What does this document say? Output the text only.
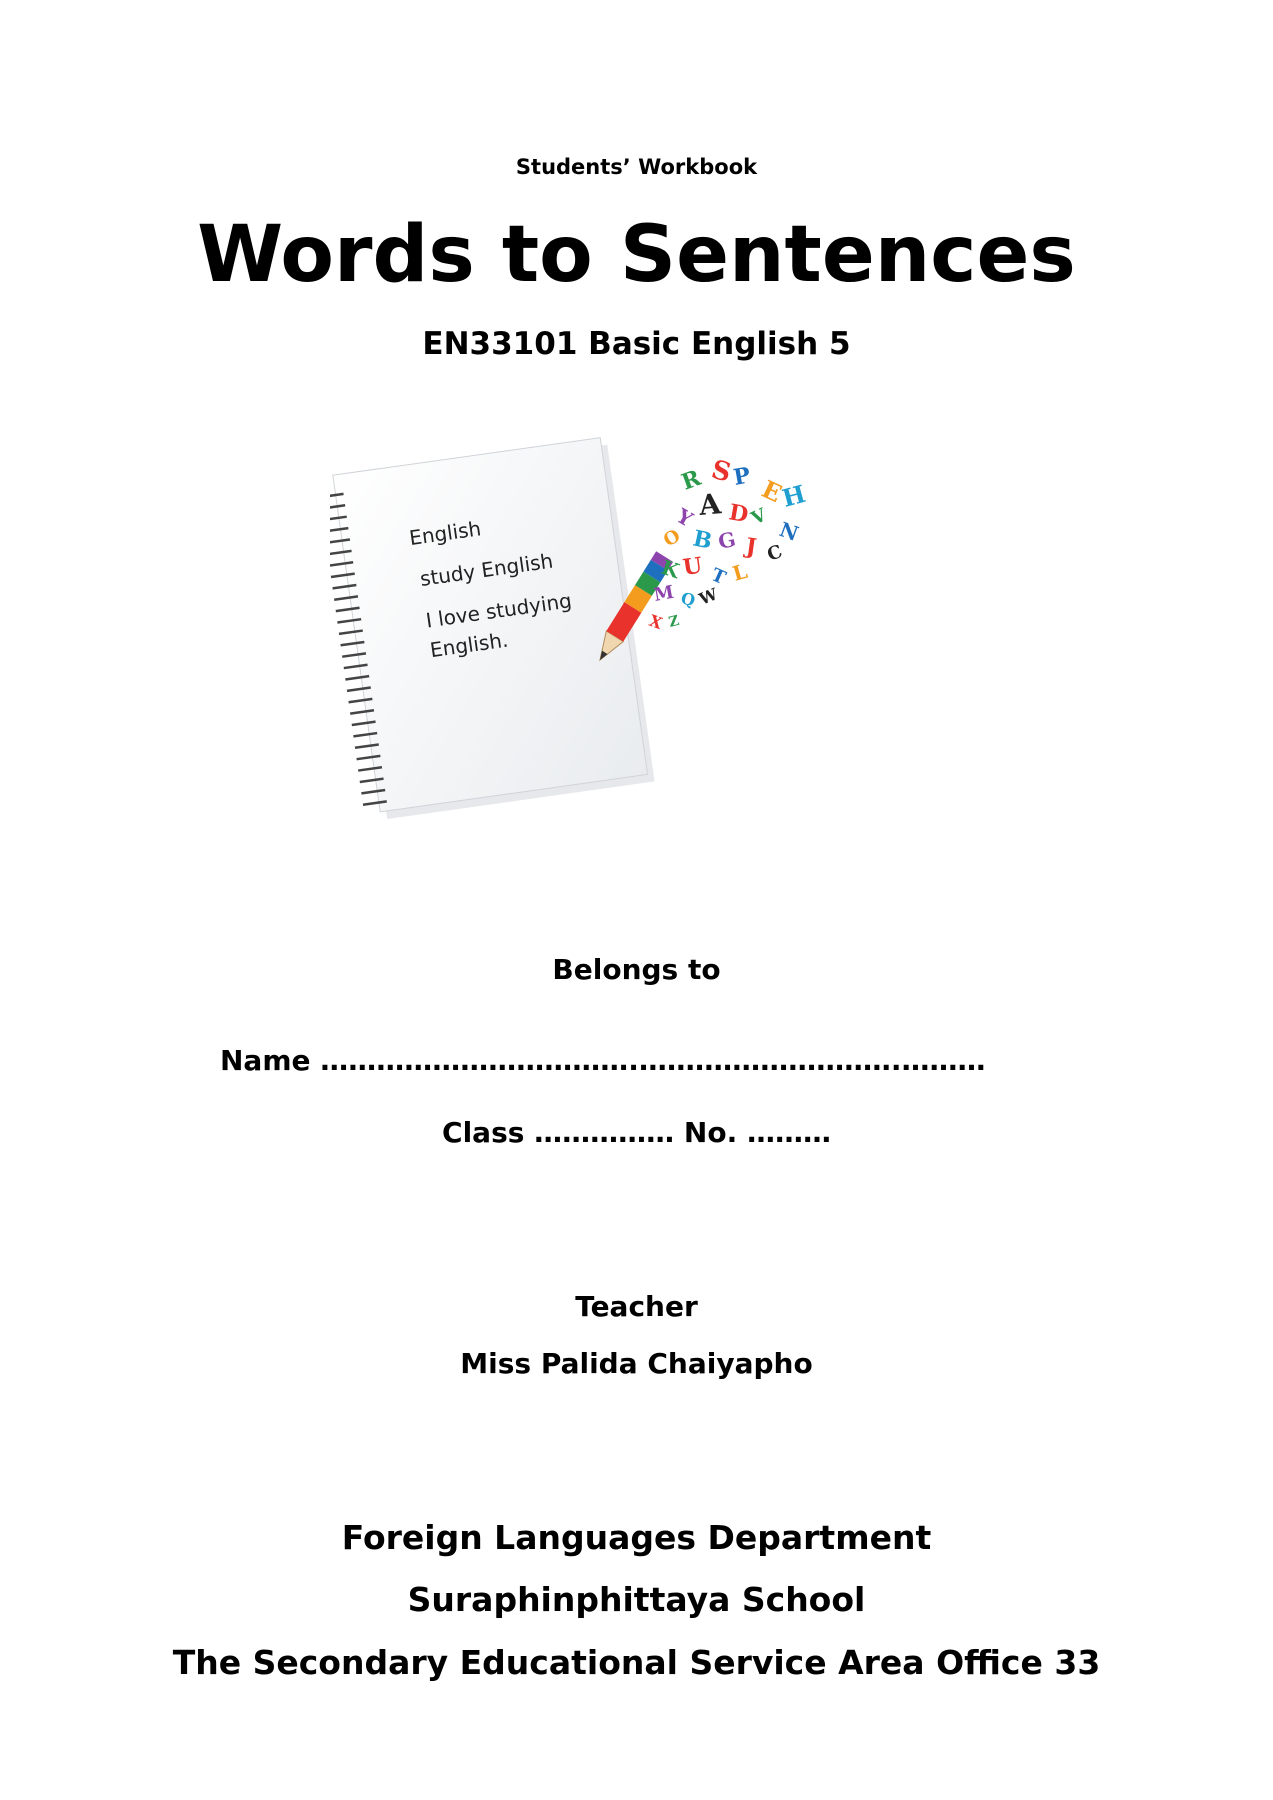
Students’ Workbook
Words to Sentences
EN33101 Basic English 5
English
study English
I love studying
English.
R S
P E
H
Y A D
V
N
O B G J C
K
U T L
M Q W
X Z
Belongs to
Name …………………………….……………………….………
Class …………… No. ………
Teacher
Miss Palida Chaiyapho
Foreign Languages Department
Suraphinphittaya School
The Secondary Educational Service Area Office 33
